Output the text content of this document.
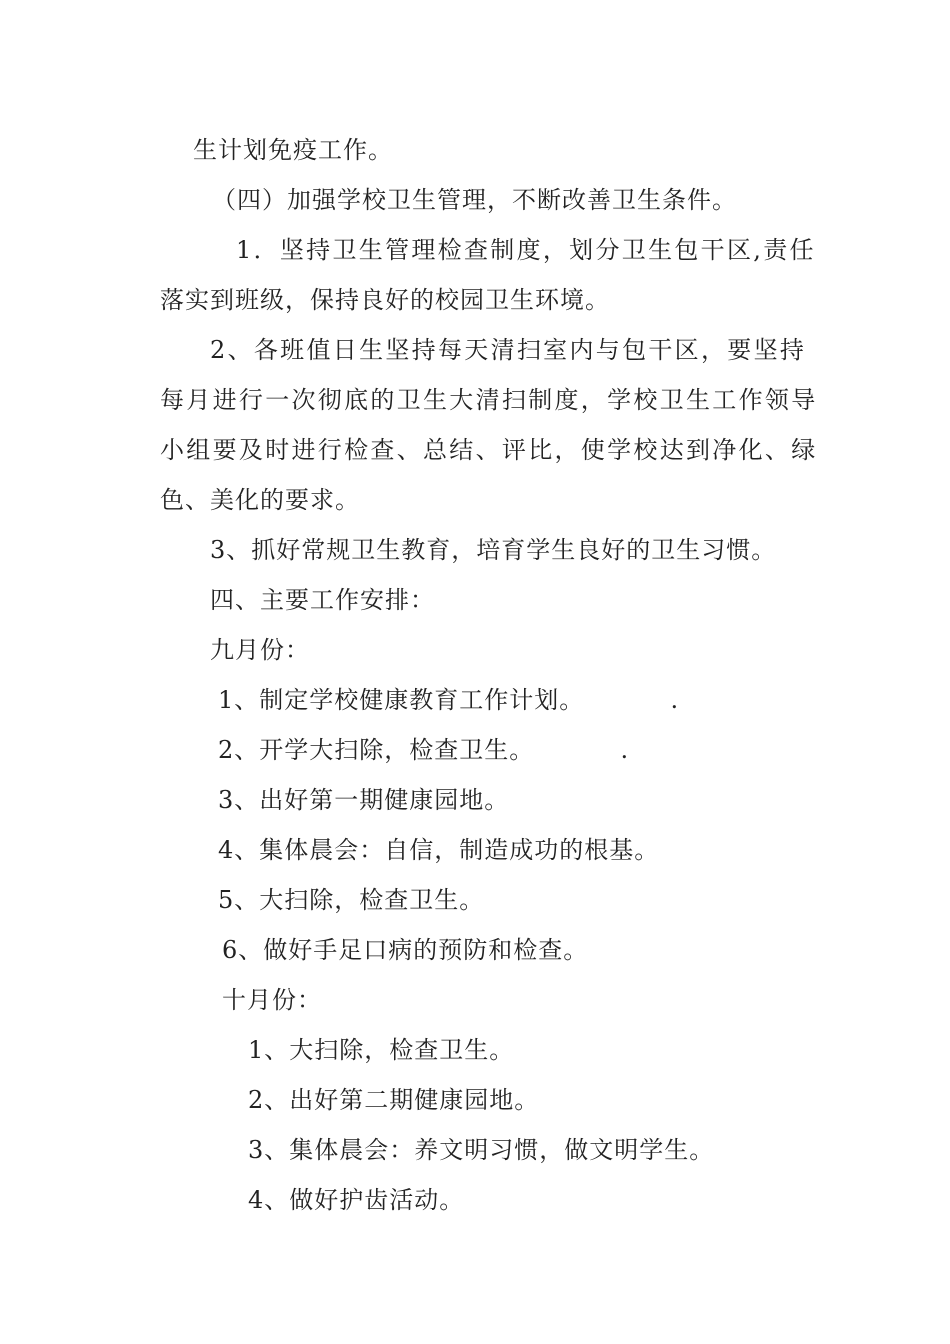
生计划免疫工作。
（四）加强学校卫生管理，不断改善卫生条件。
1．坚持卫生管理检查制度，划分卫生包干区,责任
落实到班级，保持良好的校园卫生环境。
2、各班值日生坚持每天清扫室内与包干区，要坚持
每月进行一次彻底的卫生大清扫制度，学校卫生工作领导
小组要及时进行检查、总结、评比，使学校达到净化、绿
色、美化的要求。
3、抓好常规卫生教育，培育学生良好的卫生习惯。
四、主要工作安排：
九月份：
1、制定学校健康教育工作计划。          .
2、开学大扫除，检查卫生。          .
3、出好第一期健康园地。
4、集体晨会：自信，制造成功的根基。
5、大扫除，检查卫生。
6、做好手足口病的预防和检查。
十月份：
1、大扫除，检查卫生。
2、出好第二期健康园地。
3、集体晨会：养文明习惯，做文明学生。
4、做好护齿活动。
